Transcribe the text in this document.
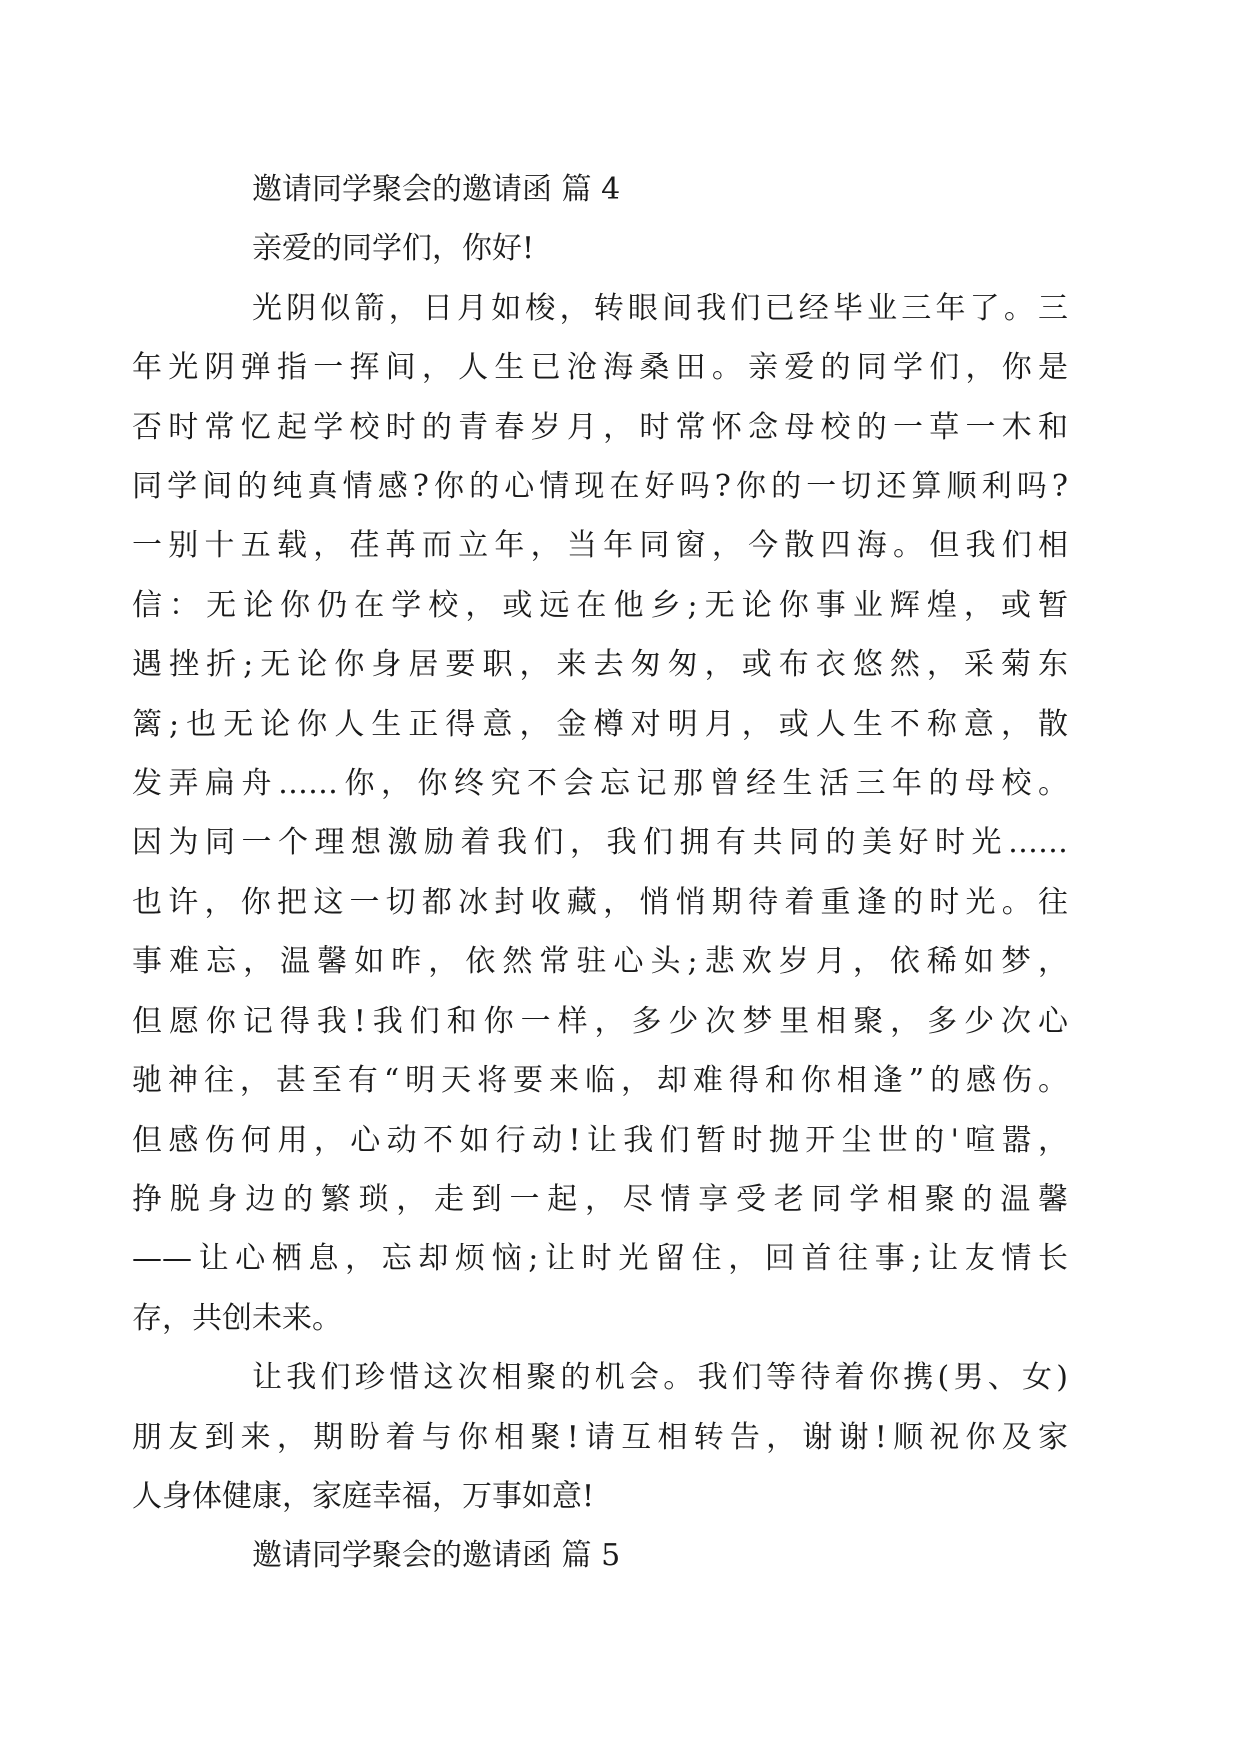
邀请同学聚会的邀请函 篇 4

亲爱的同学们，你好!

光阴似箭，日月如梭，转眼间我们已经毕业三年了。三
年光阴弹指一挥间，人生已沧海桑田。亲爱的同学们，你是
否时常忆起学校时的青春岁月，时常怀念母校的一草一木和
同学间的纯真情感?你的心情现在好吗?你的一切还算顺利吗?
一别十五载，荏苒而立年，当年同窗，今散四海。但我们相
信：无论你仍在学校，或远在他乡;无论你事业辉煌，或暂
遇挫折;无论你身居要职，来去匆匆，或布衣悠然，采菊东
篱;也无论你人生正得意，金樽对明月，或人生不称意，散
发弄扁舟……你，你终究不会忘记那曾经生活三年的母校。
因为同一个理想激励着我们，我们拥有共同的美好时光……
也许，你把这一切都冰封收藏，悄悄期待着重逢的时光。往
事难忘，温馨如昨，依然常驻心头;悲欢岁月，依稀如梦，
但愿你记得我!我们和你一样，多少次梦里相聚，多少次心
驰神往，甚至有“明天将要来临，却难得和你相逢”的感伤。
但感伤何用，心动不如行动!让我们暂时抛开尘世的'喧嚣，
挣脱身边的繁琐，走到一起，尽情享受老同学相聚的温馨
——让心栖息，忘却烦恼;让时光留住，回首往事;让友情长
存，共创未来。
让我们珍惜这次相聚的机会。我们等待着你携(男、女)
朋友到来，期盼着与你相聚!请互相转告，谢谢!顺祝你及家
人身体健康，家庭幸福，万事如意!

邀请同学聚会的邀请函 篇 5
